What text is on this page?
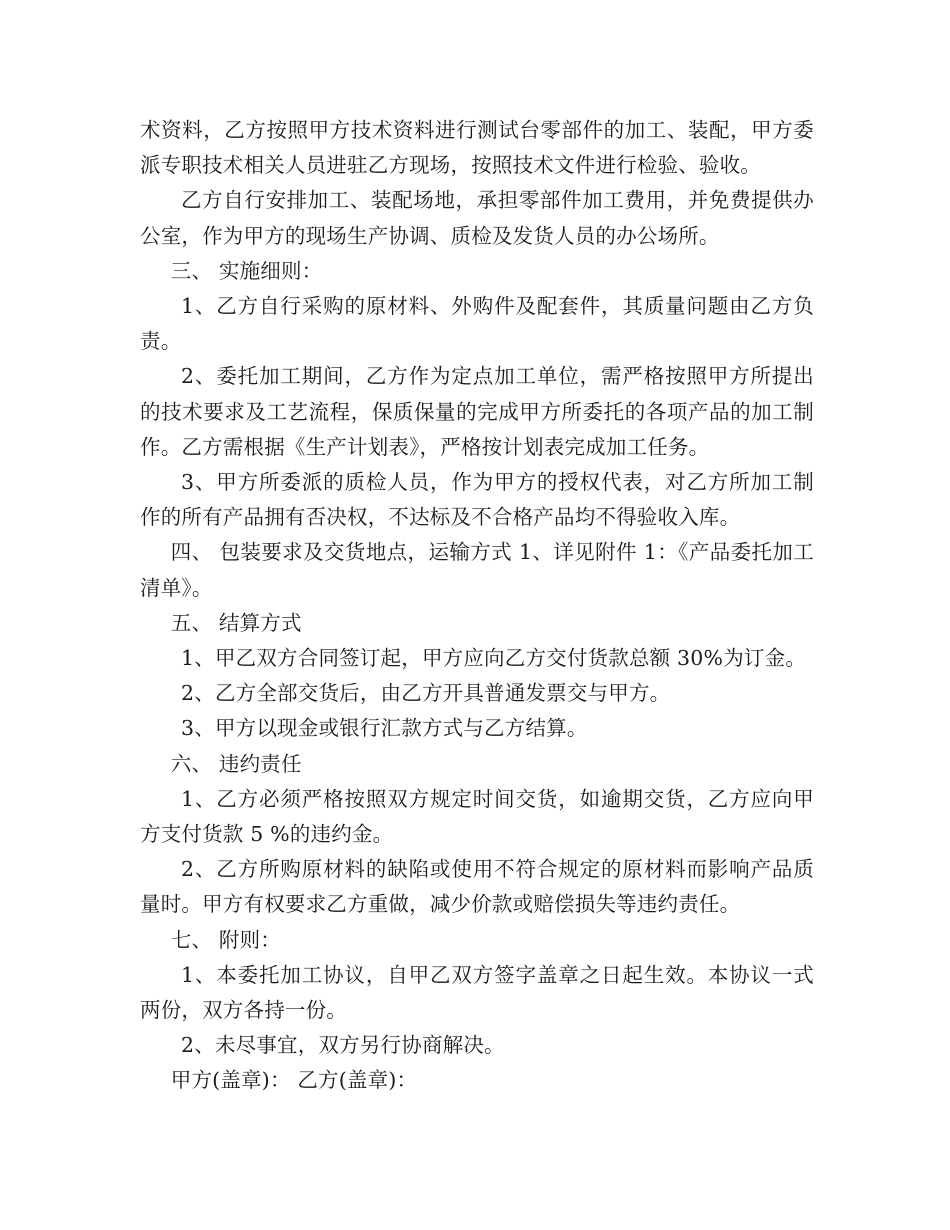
术资料，乙方按照甲方技术资料进行测试台零部件的加工、装配，甲方委派专职技术相关人员进驻乙方现场，按照技术文件进行检验、验收。

乙方自行安排加工、装配场地，承担零部件加工费用，并免费提供办公室，作为甲方的现场生产协调、质检及发货人员的办公场所。

三、 实施细则：

1、乙方自行采购的原材料、外购件及配套件，其质量问题由乙方负责。

2、委托加工期间，乙方作为定点加工单位，需严格按照甲方所提出的技术要求及工艺流程，保质保量的完成甲方所委托的各项产品的加工制作。乙方需根据《生产计划表》，严格按计划表完成加工任务。

3、甲方所委派的质检人员，作为甲方的授权代表，对乙方所加工制作的所有产品拥有否决权，不达标及不合格产品均不得验收入库。

四、 包装要求及交货地点，运输方式 1、详见附件 1：《产品委托加工清单》。

五、 结算方式

1、甲乙双方合同签订起，甲方应向乙方交付货款总额 30%为订金。

2、乙方全部交货后，由乙方开具普通发票交与甲方。

3、甲方以现金或银行汇款方式与乙方结算。

六、 违约责任

1、乙方必须严格按照双方规定时间交货，如逾期交货，乙方应向甲方支付货款 5 %的违约金。

2、乙方所购原材料的缺陷或使用不符合规定的原材料而影响产品质量时。甲方有权要求乙方重做，减少价款或赔偿损失等违约责任。

七、 附则：

1、本委托加工协议，自甲乙双方签字盖章之日起生效。本协议一式两份，双方各持一份。

2、未尽事宜，双方另行协商解决。

甲方(盖章)： 乙方(盖章)：
